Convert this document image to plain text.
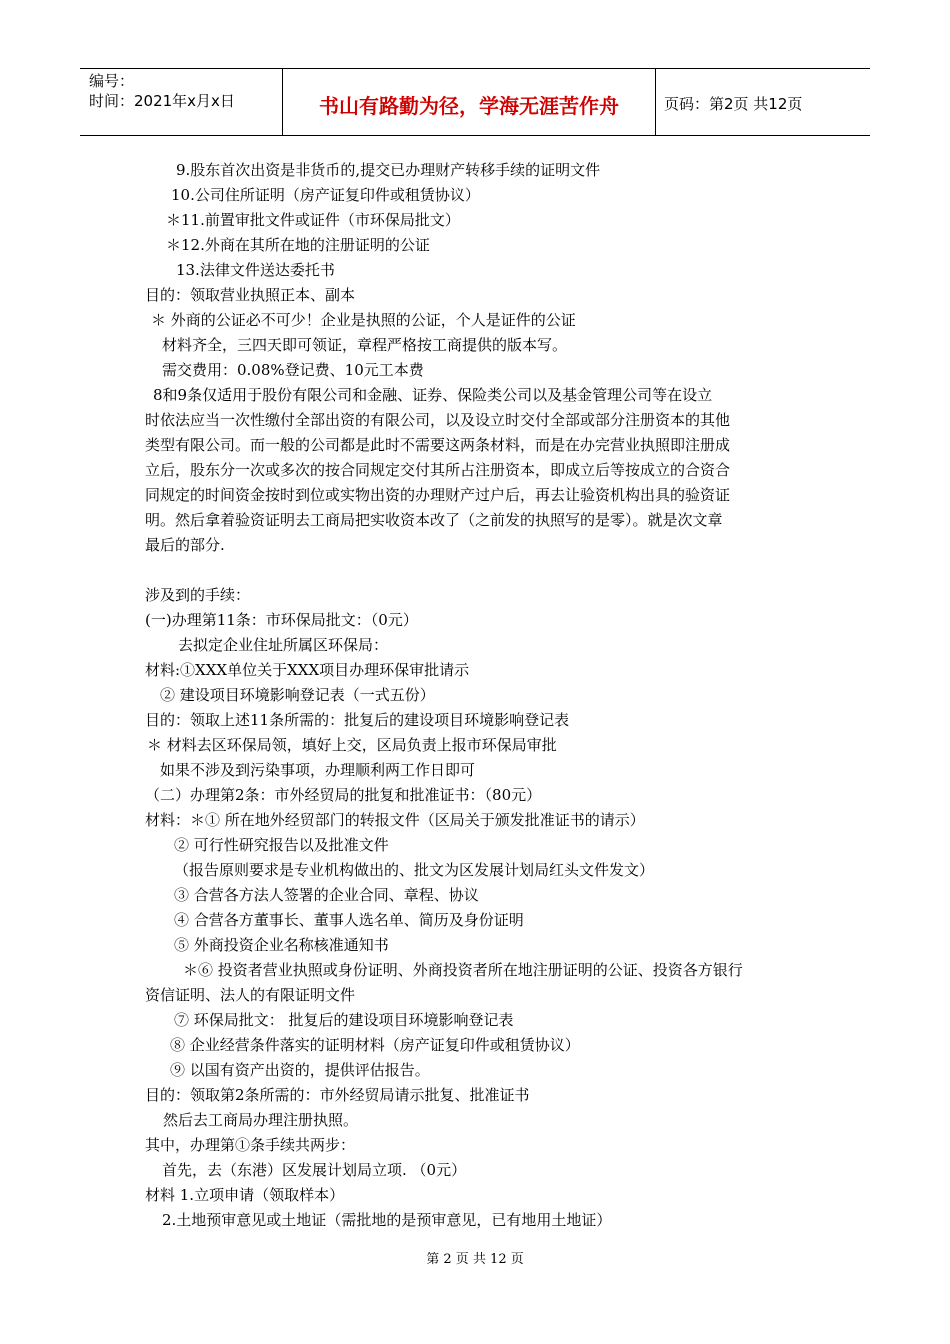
编号：
时间：2021年x月x日	书山有路勤为径，学海无涯苦作舟	页码：第2页 共12页
9.股东首次出资是非货币的,提交已办理财产转移手续的证明文件
10.公司住所证明（房产证复印件或租赁协议）
＊11.前置审批文件或证件（市环保局批文）
＊12.外商在其所在地的注册证明的公证
13.法律文件送达委托书
目的：领取营业执照正本、副本
＊ 外商的公证必不可少！企业是执照的公证，个人是证件的公证
材料齐全，三四天即可领证，章程严格按工商提供的版本写。
需交费用：0.08%登记费、10元工本费
8和9条仅适用于股份有限公司和金融、证券、保险类公司以及基金管理公司等在设立
时依法应当一次性缴付全部出资的有限公司，以及设立时交付全部或部分注册资本的其他
类型有限公司。而一般的公司都是此时不需要这两条材料，而是在办完营业执照即注册成
立后，股东分一次或多次的按合同规定交付其所占注册资本，即成立后等按成立的合资合
同规定的时间资金按时到位或实物出资的办理财产过户后，再去让验资机构出具的验资证
明。然后拿着验资证明去工商局把实收资本改了（之前发的执照写的是零）。就是次文章
最后的部分.
涉及到的手续：
(一)办理第11条：市环保局批文：（0元）
去拟定企业住址所属区环保局：
材料:①XXX单位关于XXX项目办理环保审批请示
② 建设项目环境影响登记表（一式五份）
目的：领取上述11条所需的：批复后的建设项目环境影响登记表
＊ 材料去区环保局领，填好上交，区局负责上报市环保局审批
如果不涉及到污染事项，办理顺利两工作日即可
（二）办理第2条：市外经贸局的批复和批准证书：（80元）
材料：＊① 所在地外经贸部门的转报文件（区局关于颁发批准证书的请示）
② 可行性研究报告以及批准文件
（报告原则要求是专业机构做出的、批文为区发展计划局红头文件发文）
③ 合营各方法人签署的企业合同、章程、协议
④ 合营各方董事长、董事人选名单、简历及身份证明
⑤ 外商投资企业名称核准通知书
＊⑥ 投资者营业执照或身份证明、外商投资者所在地注册证明的公证、投资各方银行
资信证明、法人的有限证明文件
⑦ 环保局批文： 批复后的建设项目环境影响登记表
⑧ 企业经营条件落实的证明材料（房产证复印件或租赁协议）
⑨ 以国有资产出资的，提供评估报告。
目的：领取第2条所需的：市外经贸局请示批复、批准证书
然后去工商局办理注册执照。
其中，办理第①条手续共两步：
首先，去（东港）区发展计划局立项. （0元）
材料 1.立项申请（领取样本）
2.土地预审意见或土地证（需批地的是预审意见，已有地用土地证）
第 2 页 共 12 页
